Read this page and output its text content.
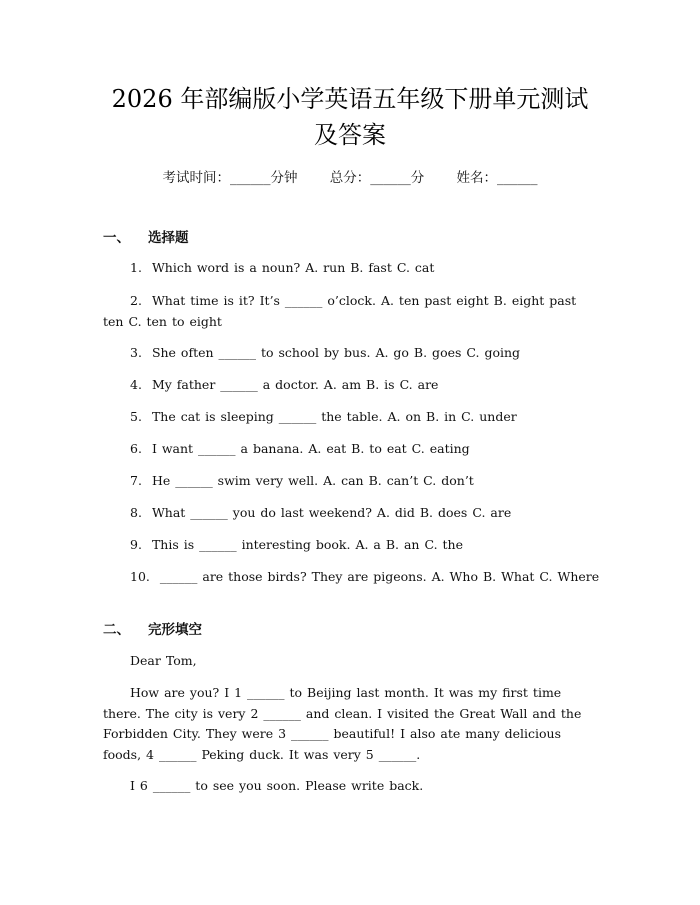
2026 年部编版小学英语五年级下册单元测试
及答案
考试时间：______分钟 总分：______分 姓名：______
一、 选择题
1. Which word is a noun? A. run B. fast C. cat
2. What time is it? It’s ______ o’clock. A. ten past eight B. eight past ten C. ten to eight
3. She often ______ to school by bus. A. go B. goes C. going
4. My father ______ a doctor. A. am B. is C. are
5. The cat is sleeping ______ the table. A. on B. in C. under
6. I want ______ a banana. A. eat B. to eat C. eating
7. He ______ swim very well. A. can B. can’t C. don’t
8. What ______ you do last weekend? A. did B. does C. are
9. This is ______ interesting book. A. a B. an C. the
10. ______ are those birds? They are pigeons. A. Who B. What C. Where
二、 完形填空
Dear Tom,
How are you? I 1 ______ to Beijing last month. It was my first time there. The city is very 2 ______ and clean. I visited the Great Wall and the Forbidden City. They were 3 ______ beautiful! I also ate many delicious foods, 4 ______ Peking duck. It was very 5 ______.
I 6 ______ to see you soon. Please write back.
